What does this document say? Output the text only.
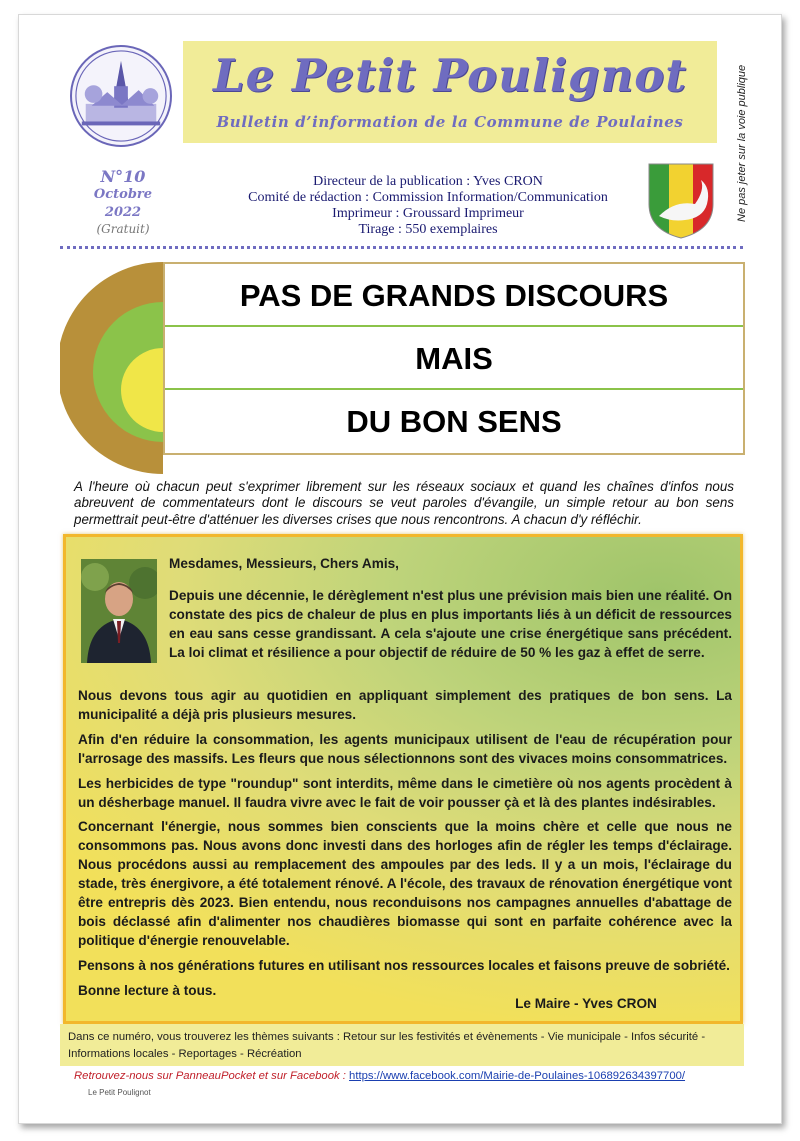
Le Petit Poulignot
Bulletin d’information de la Commune de Poulaines	Ne pas jeter sur la voie publique
N°10
Octobre 2022
(Gratuit)
Directeur de la publication : Yves CRON
Comité de rédaction : Commission Information/Communication
Imprimeur : Groussard Imprimeur
Tirage : 550 exemplaires
PAS DE GRANDS DISCOURS
MAIS
DU BON SENS
A l'heure où chacun peut s'exprimer librement sur les réseaux sociaux et quand les chaînes d'infos nous abreuvent de commentateurs dont le discours se veut paroles d'évangile, un simple retour au bon sens permettrait peut-être d'atténuer les diverses crises que nous rencontrons. A chacun d'y réfléchir.
Mesdames, Messieurs, Chers Amis,
Depuis une décennie, le dérèglement n'est plus une prévision mais bien une réalité. On constate des pics de chaleur de plus en plus importants liés à un déficit de ressources en eau sans cesse grandissant. A cela s'ajoute une crise énergétique sans précédent. La loi climat et résilience a pour objectif de réduire de 50 % les gaz à effet de serre.

Nous devons tous agir au quotidien en appliquant simplement des pratiques de bon sens. La municipalité a déjà pris plusieurs mesures.

Afin d'en réduire la consommation, les agents municipaux utilisent de l'eau de récupération pour l'arrosage des massifs. Les fleurs que nous sélectionnons sont des vivaces moins consommatrices.

Les herbicides de type "roundup" sont interdits, même dans le cimetière où nos agents procèdent à un désherbage manuel. Il faudra vivre avec le fait de voir pousser çà et là des plantes indésirables.

Concernant l'énergie, nous sommes bien conscients que la moins chère et celle que nous ne consommons pas. Nous avons donc investi dans des horloges afin de régler les temps d'éclairage. Nous procédons aussi au remplacement des ampoules par des leds. Il y a un mois, l'éclairage du stade, très énergivore, a été totalement rénové. A l'école, des travaux de rénovation énergétique vont être entrepris dès 2023. Bien entendu, nous reconduisons nos campagnes annuelles d'abattage de bois déclassé afin d'alimenter nos chaudières biomasse qui sont en parfaite cohérence avec la politique d'énergie renouvelable.

Pensons à nos générations futures en utilisant nos ressources locales et faisons preuve de sobriété.

Bonne lecture à tous.

Le Maire - Yves CRON
Dans ce numéro, vous trouverez les thèmes suivants : Retour sur les festivités et évènements - Vie municipale - Infos sécurité - Informations locales - Reportages - Récréation
Retrouvez-nous sur PanneauPocket et sur Facebook : https://www.facebook.com/Mairie-de-Poulaines-106892634397700/
Le Petit Poulignot
